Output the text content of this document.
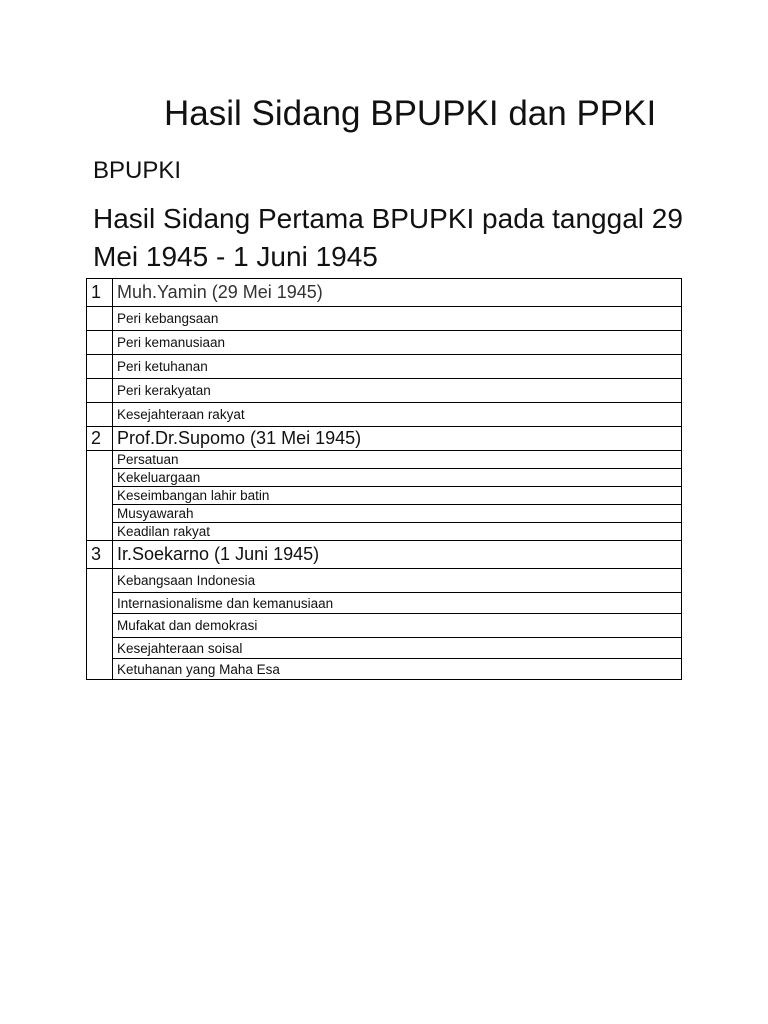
Hasil Sidang BPUPKI dan PPKI
BPUPKI
Hasil Sidang Pertama BPUPKI pada tanggal 29 Mei 1945 - 1 Juni 1945
1	Muh.Yamin (29 Mei 1945)
	Peri kebangsaan
	Peri kemanusiaan
	Peri ketuhanan
	Peri kerakyatan
	Kesejahteraan rakyat
2	Prof.Dr.Supomo (31 Mei 1945)
	Persatuan
	Kekeluargaan
	Keseimbangan lahir batin
	Musyawarah
	Keadilan rakyat
3	Ir.Soekarno (1 Juni 1945)
	Kebangsaan Indonesia
	Internasionalisme dan kemanusiaan
	Mufakat dan demokrasi
	Kesejahteraan soisal
	Ketuhanan yang Maha Esa
